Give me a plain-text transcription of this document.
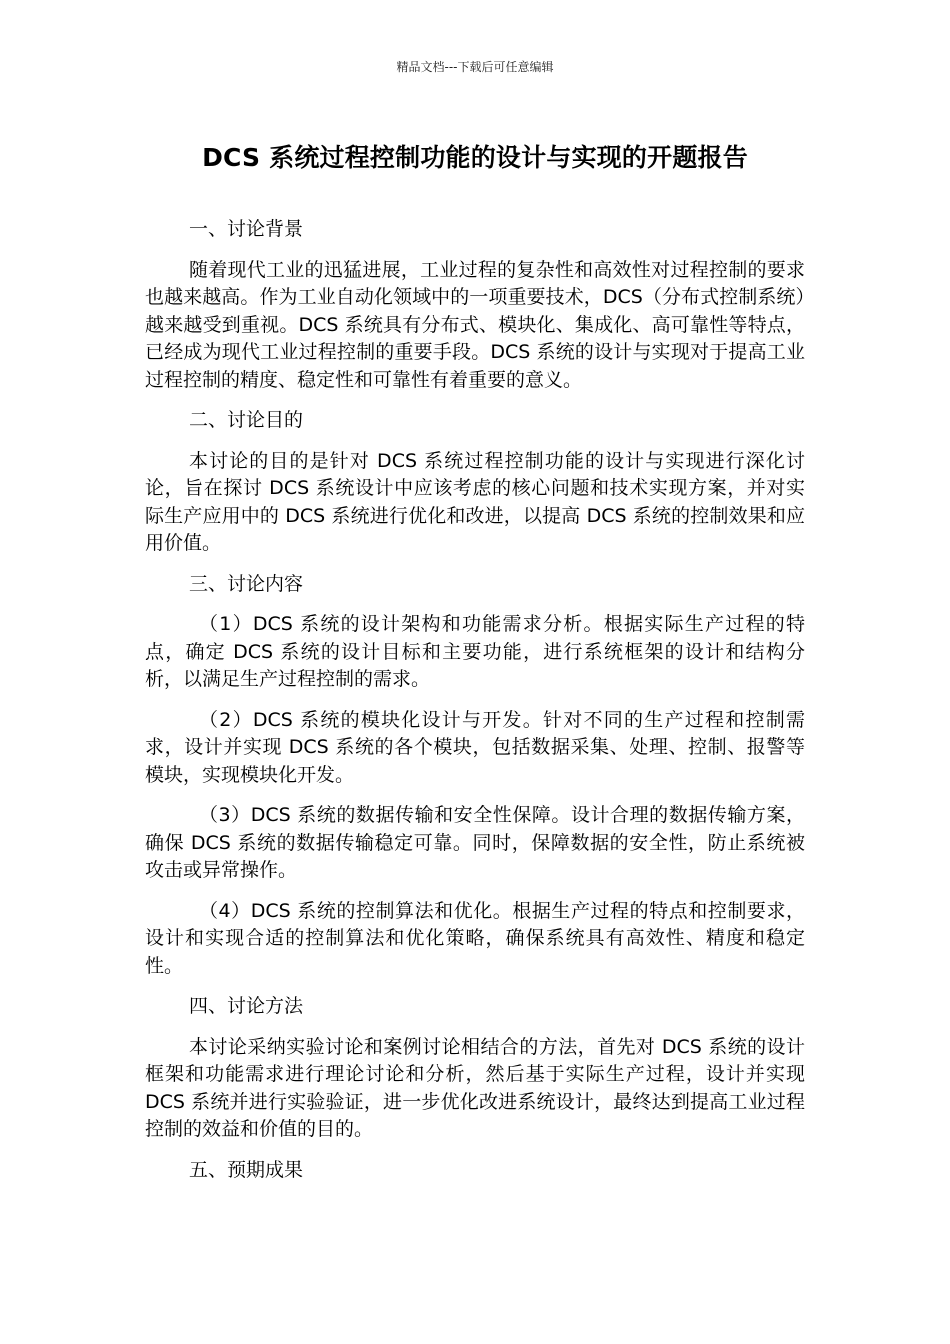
精品文档---下载后可任意编辑
DCS 系统过程控制功能的设计与实现的开题报告

一、讨论背景

随着现代工业的迅猛进展，工业过程的复杂性和高效性对过程控制的要求也越来越高。作为工业自动化领域中的一项重要技术，DCS（分布式控制系统）越来越受到重视。DCS 系统具有分布式、模块化、集成化、高可靠性等特点，已经成为现代工业过程控制的重要手段。DCS 系统的设计与实现对于提高工业过程控制的精度、稳定性和可靠性有着重要的意义。

二、讨论目的

本讨论的目的是针对 DCS 系统过程控制功能的设计与实现进行深化讨论，旨在探讨 DCS 系统设计中应该考虑的核心问题和技术实现方案，并对实际生产应用中的 DCS 系统进行优化和改进，以提高 DCS 系统的控制效果和应用价值。

三、讨论内容

（1）DCS 系统的设计架构和功能需求分析。根据实际生产过程的特点，确定 DCS 系统的设计目标和主要功能，进行系统框架的设计和结构分析，以满足生产过程控制的需求。

（2）DCS 系统的模块化设计与开发。针对不同的生产过程和控制需求，设计并实现 DCS 系统的各个模块，包括数据采集、处理、控制、报警等模块，实现模块化开发。

（3）DCS 系统的数据传输和安全性保障。设计合理的数据传输方案，确保 DCS 系统的数据传输稳定可靠。同时，保障数据的安全性，防止系统被攻击或异常操作。

（4）DCS 系统的控制算法和优化。根据生产过程的特点和控制要求，设计和实现合适的控制算法和优化策略，确保系统具有高效性、精度和稳定性。

四、讨论方法

本讨论采纳实验讨论和案例讨论相结合的方法，首先对 DCS 系统的设计框架和功能需求进行理论讨论和分析，然后基于实际生产过程，设计并实现 DCS 系统并进行实验验证，进一步优化改进系统设计，最终达到提高工业过程控制的效益和价值的目的。

五、预期成果
